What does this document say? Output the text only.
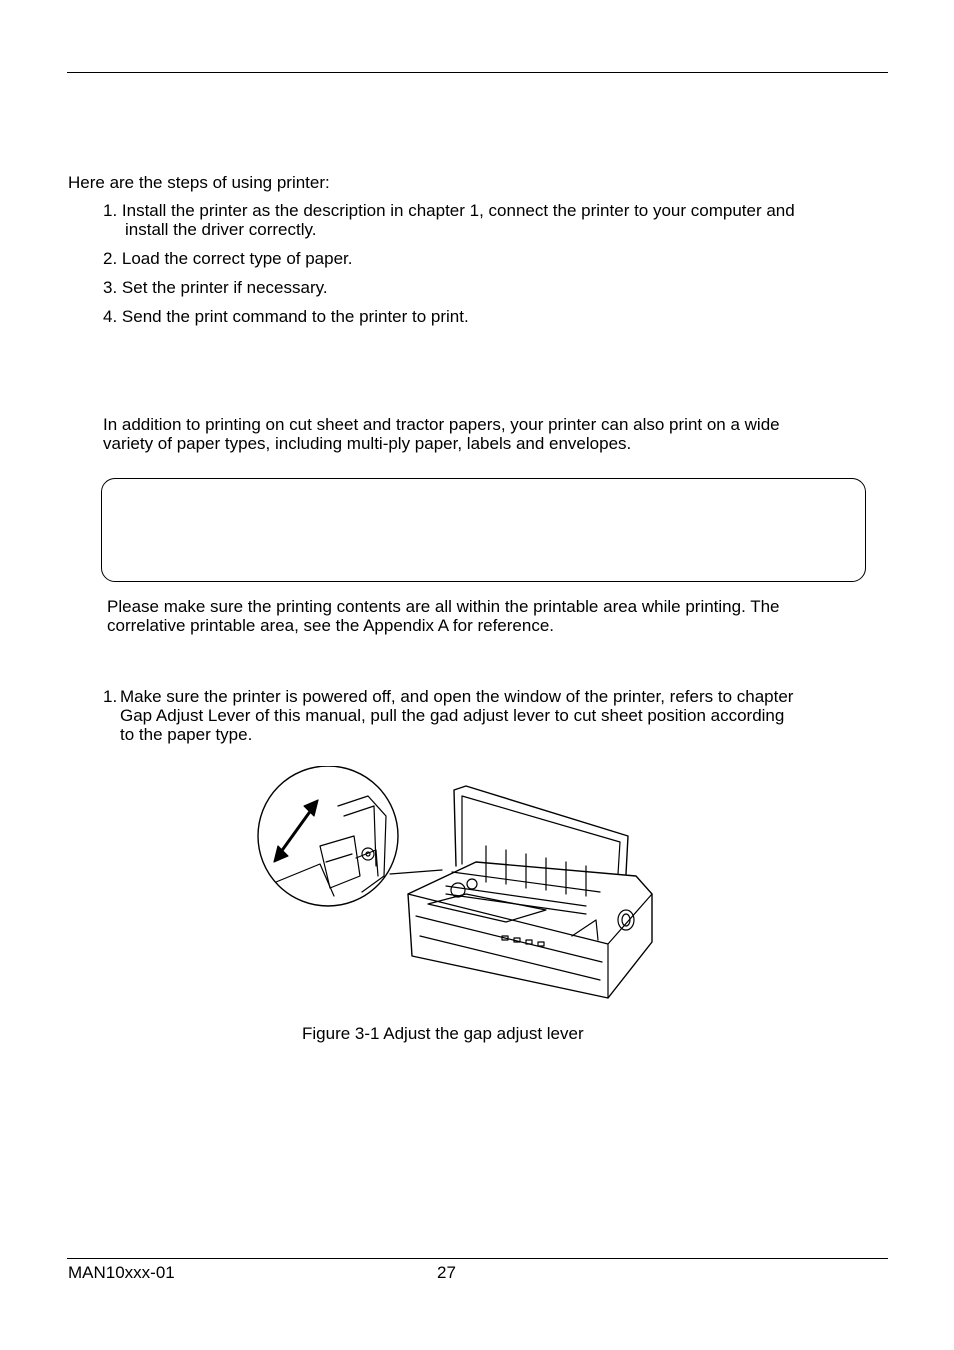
Here are the steps of using printer:
1. Install the printer as the description in chapter 1, connect the printer to your computer and
install the driver correctly.
2. Load the correct type of paper.
3. Set the printer if necessary.
4. Send the print command to the printer to print.
In addition to printing on cut sheet and tractor papers, your printer can also print on a wide
variety of paper types, including multi-ply paper, labels and envelopes.
Please make sure the printing contents are all within the printable area while printing. The
correlative printable area, see the Appendix A for reference.
1. Make sure the printer is powered off, and open the window of the printer, refers to chapter
Gap Adjust Lever of this manual, pull the gad adjust lever to cut sheet position according
to the paper type.
Figure 3-1 Adjust the gap adjust lever
MAN10xxx-01	27
